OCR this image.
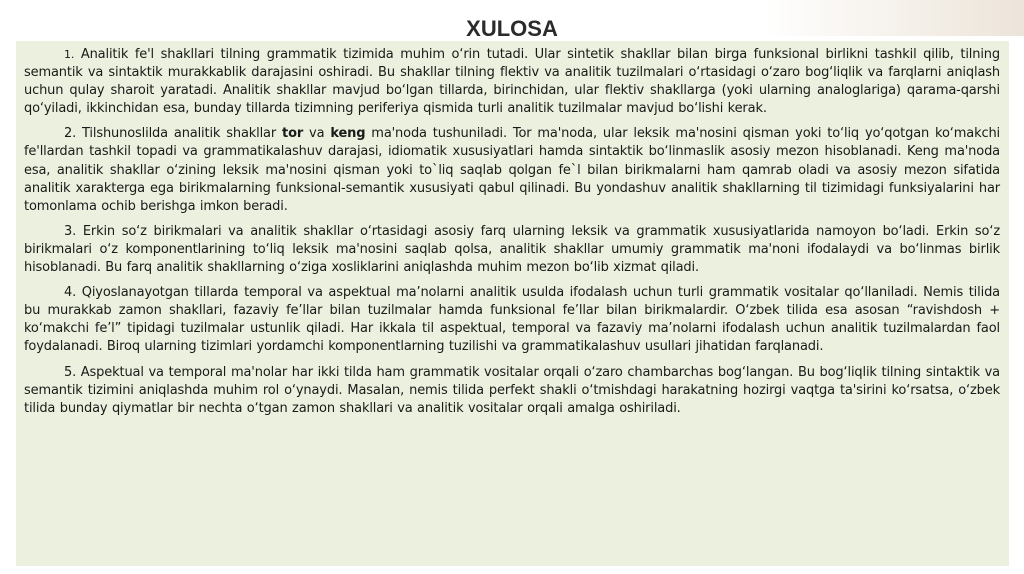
XULOSA

1. Analitik fe'l shakllari tilning grammatik tizimida muhim o‘rin tutadi. Ular sintetik shakllar bilan birga funksional birlikni tashkil qilib, tilning semantik va sintaktik murakkablik darajasini oshiradi. Bu shakllar tilning flektiv va analitik tuzilmalari o‘rtasidagi o‘zaro bog‘liqlik va farqlarni aniqlash uchun qulay sharoit yaratadi. Analitik shakllar mavjud bo‘lgan tillarda, birinchidan, ular flektiv shakllarga (yoki ularning analoglariga) qarama-qarshi qo‘yiladi, ikkinchidan esa, bunday tillarda tizimning periferiya qismida turli analitik tuzilmalar mavjud bo‘lishi kerak.

2. Tilshunoslilda analitik shakllar tor va keng ma'noda tushuniladi. Tor ma'noda, ular leksik ma'nosini qisman yoki to‘liq yo‘qotgan ko‘makchi fe'llardan tashkil topadi va grammatikalashuv darajasi, idiomatik xususiyatlari hamda sintaktik bo‘linmaslik asosiy mezon hisoblanadi. Keng ma'noda esa, analitik shakllar o‘zining leksik ma'nosini qisman yoki to`liq saqlab qolgan fe`l bilan birikmalarni ham qamrab oladi va asosiy mezon sifatida analitik xarakterga ega birikmalarning funksional-semantik xususiyati qabul qilinadi. Bu yondashuv analitik shakllarning til tizimidagi funksiyalarini har tomonlama ochib berishga imkon beradi.

3. Erkin so‘z birikmalari va analitik shakllar o‘rtasidagi asosiy farq ularning leksik va grammatik xususiyatlarida namoyon bo‘ladi. Erkin so‘z birikmalari o‘z komponentlarining to‘liq leksik ma'nosini saqlab qolsa, analitik shakllar umumiy grammatik ma'noni ifodalaydi va bo‘linmas birlik hisoblanadi. Bu farq analitik shakllarning o‘ziga xosliklarini aniqlashda muhim mezon bo‘lib xizmat qiladi.

4. Qiyoslanayotgan tillarda temporal va aspektual ma’nolarni analitik usulda ifodalash uchun turli grammatik vositalar qo‘llaniladi. Nemis tilida bu murakkab zamon shakllari, fazaviy fe’llar bilan tuzilmalar hamda funksional fe’llar bilan birikmalardir. O‘zbek tilida esa asosan “ravishdosh + ko‘makchi fe’l” tipidagi tuzilmalar ustunlik qiladi. Har ikkala til aspektual, temporal va fazaviy ma’nolarni ifodalash uchun analitik tuzilmalardan faol foydalanadi. Biroq ularning tizimlari yordamchi komponentlarning tuzilishi va grammatikalashuv usullari jihatidan farqlanadi.

5. Aspektual va temporal ma'nolar har ikki tilda ham grammatik vositalar orqali o‘zaro chambarchas bog‘langan. Bu bog‘liqlik tilning sintaktik va semantik tizimini aniqlashda muhim rol o‘ynaydi. Masalan, nemis tilida perfekt shakli o‘tmishdagi harakatning hozirgi vaqtga ta'sirini ko‘rsatsa, o‘zbek tilida bunday qiymatlar bir nechta o‘tgan zamon shakllari va analitik vositalar orqali amalga oshiriladi.
